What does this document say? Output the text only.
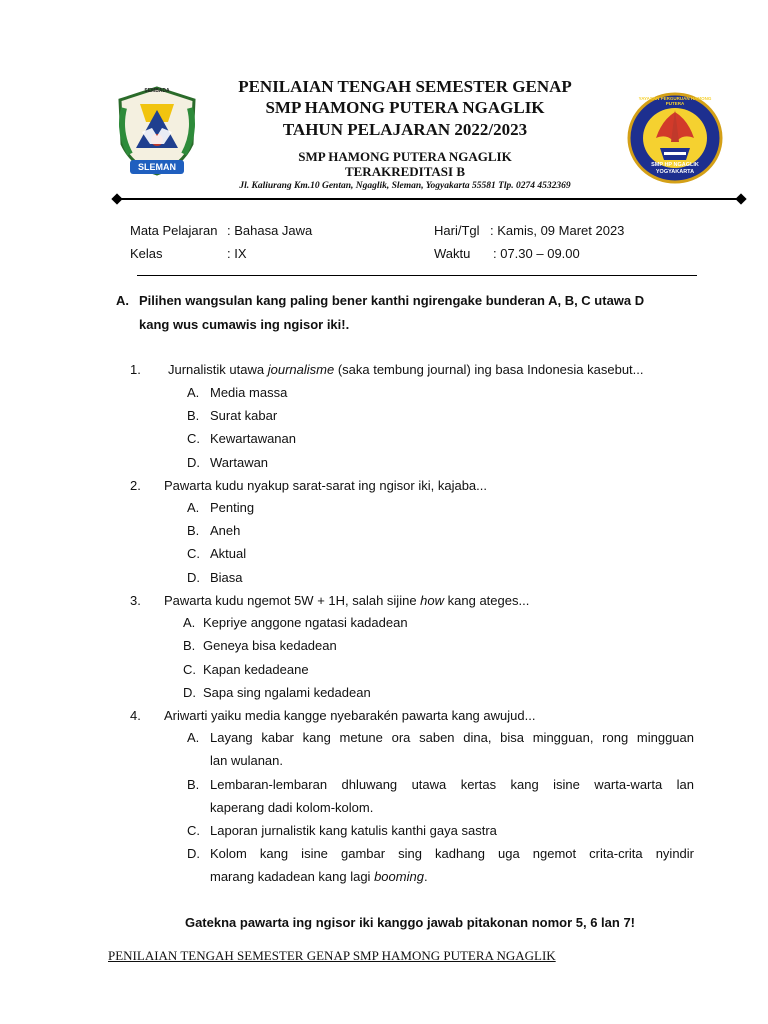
SLEMAN
SEMBADA	PENILAIAN TENGAH SEMESTER GENAP
SMP HAMONG PUTERA NGAGLIK
TAHUN PELAJARAN 2022/2023
SMP HAMONG PUTERA NGAGLIK
TERAKREDITASI B
Jl. Kaliurang Km.10 Gentan, Ngaglik, Sleman, Yogyakarta 55581 Tlp. 0274 4532369
YAYASAN PERGURUAN HAMONG PUTERA
SMP HP NGAGLIK
YOGYAKARTA
Mata Pelajaran : Bahasa Jawa
Kelas	: IX
Hari/Tgl : Kamis, 09 Maret 2023
Waktu : 07.30 – 09.00
A. Pilihen wangsulan kang paling bener kanthi ngirengake bunderan A, B, C utawa D
kang wus cumawis ing ngisor iki!.
1. Jurnalistik utawa journalisme (saka tembung journal) ing basa Indonesia kasebut...
A. Media massa
B. Surat kabar
C. Kewartawanan
D. Wartawan
2. Pawarta kudu nyakup sarat-sarat ing ngisor iki, kajaba...
A. Penting
B. Aneh
C. Aktual
D. Biasa
3. Pawarta kudu ngemot 5W + 1H, salah sijine how kang ateges...
A. Kepriye anggone ngatasi kadadean
B. Geneya bisa kedadean
C. Kapan kedadeane
D. Sapa sing ngalami kedadean
4. Ariwarti yaiku media kangge nyebarakén pawarta kang awujud...
A. Layang kabar kang metune ora saben dina, bisa mingguan, rong mingguan
lan wulanan.
B. Lembaran-lembaran dhluwang utawa kertas kang isine warta-warta lan
kaperang dadi kolom-kolom.
C. Laporan jurnalistik kang katulis kanthi gaya sastra
D. Kolom kang isine gambar sing kadhang uga ngemot crita-crita nyindir
marang kadadean kang lagi booming.
Gatekna pawarta ing ngisor iki kanggo jawab pitakonan nomor 5, 6 lan 7!
PENILAIAN TENGAH SEMESTER GENAP SMP HAMONG PUTERA NGAGLIK
